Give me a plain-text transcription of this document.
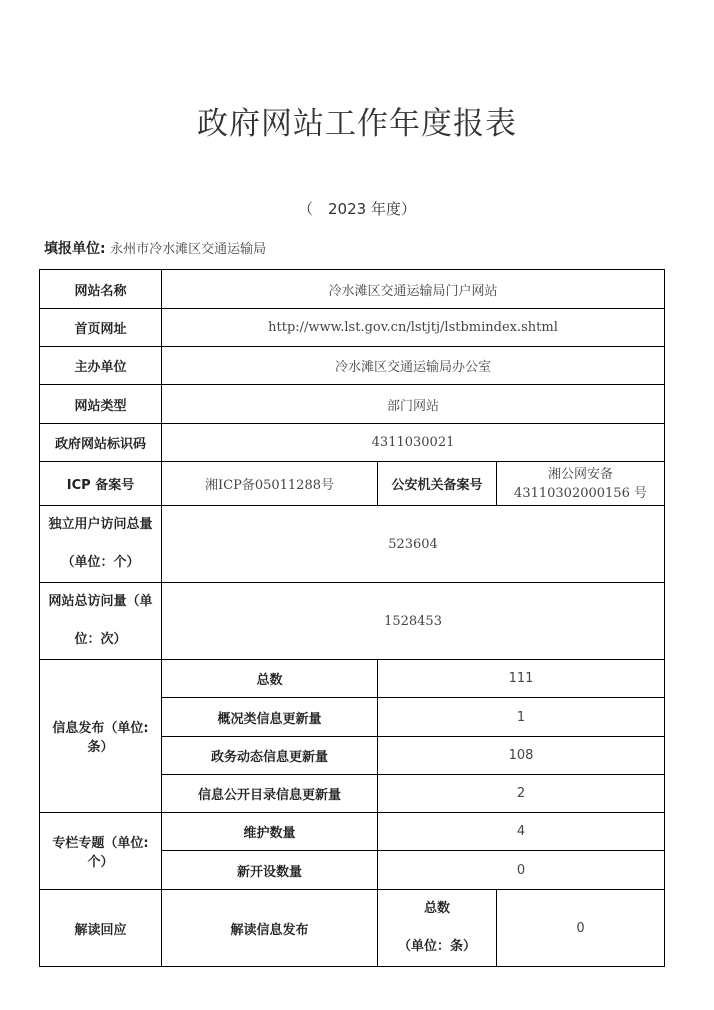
政府网站工作年度报表
（　2023 年度）
填报单位: 永州市冷水滩区交通运输局
网站名称	冷水滩区交通运输局门户网站		
首页网址	http://www.lst.gov.cn/lstjtj/lstbmindex.shtml		
主办单位	冷水滩区交通运输局办公室		
网站类型	部门网站		
政府网站标识码	4311030021		
ICP 备案号	湘ICP备05011288号	公安机关备案号	湘公网安备
43110302000156 号

独立用户访问总量
（单位：个）	523604		

网站总访问量（单
位：次）	1528453		
信息发布（单位:条）	总数	111	
	概况类信息更新量	1	
	政务动态信息更新量	108	
	信息公开目录信息更新量	2	
专栏专题（单位:个）	维护数量	4	
	新开设数量	0	
解读回应	解读信息发布	总数
（单位：条）	0
